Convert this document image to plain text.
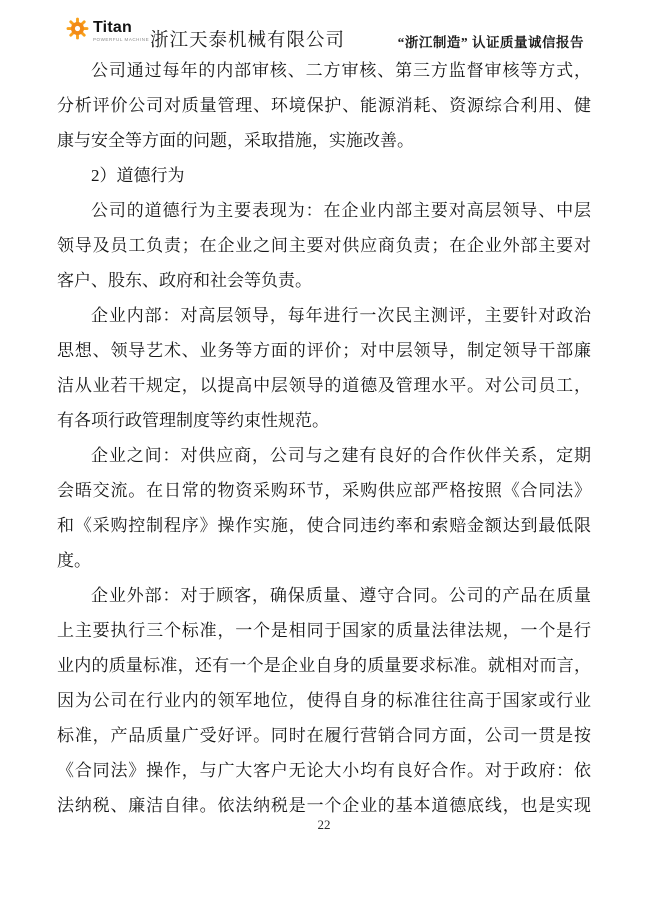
Titan
POWERFUL MACHINE 浙江天泰机械有限公司	“浙江制造” 认证质量诚信报告
公司通过每年的内部审核、二方审核、第三方监督审核等方式，
分析评价公司对质量管理、环境保护、能源消耗、资源综合利用、健
康与安全等方面的问题，采取措施，实施改善。
2）道德行为
公司的道德行为主要表现为：在企业内部主要对高层领导、中层
领导及员工负责；在企业之间主要对供应商负责；在企业外部主要对
客户、股东、政府和社会等负责。
企业内部：对高层领导，每年进行一次民主测评，主要针对政治
思想、领导艺术、业务等方面的评价；对中层领导，制定领导干部廉
洁从业若干规定，以提高中层领导的道德及管理水平。对公司员工，
有各项行政管理制度等约束性规范。
企业之间：对供应商，公司与之建有良好的合作伙伴关系，定期
会晤交流。在日常的物资采购环节，采购供应部严格按照《合同法》
和《采购控制程序》操作实施，使合同违约率和索赔金额达到最低限
度。
企业外部：对于顾客，确保质量、遵守合同。公司的产品在质量
上主要执行三个标准，一个是相同于国家的质量法律法规，一个是行
业内的质量标准，还有一个是企业自身的质量要求标准。就相对而言，
因为公司在行业内的领军地位，使得自身的标准往往高于国家或行业
标准，产品质量广受好评。同时在履行营销合同方面，公司一贯是按
《合同法》操作，与广大客户无论大小均有良好合作。对于政府：依
法纳税、廉洁自律。依法纳税是一个企业的基本道德底线，也是实现
22
